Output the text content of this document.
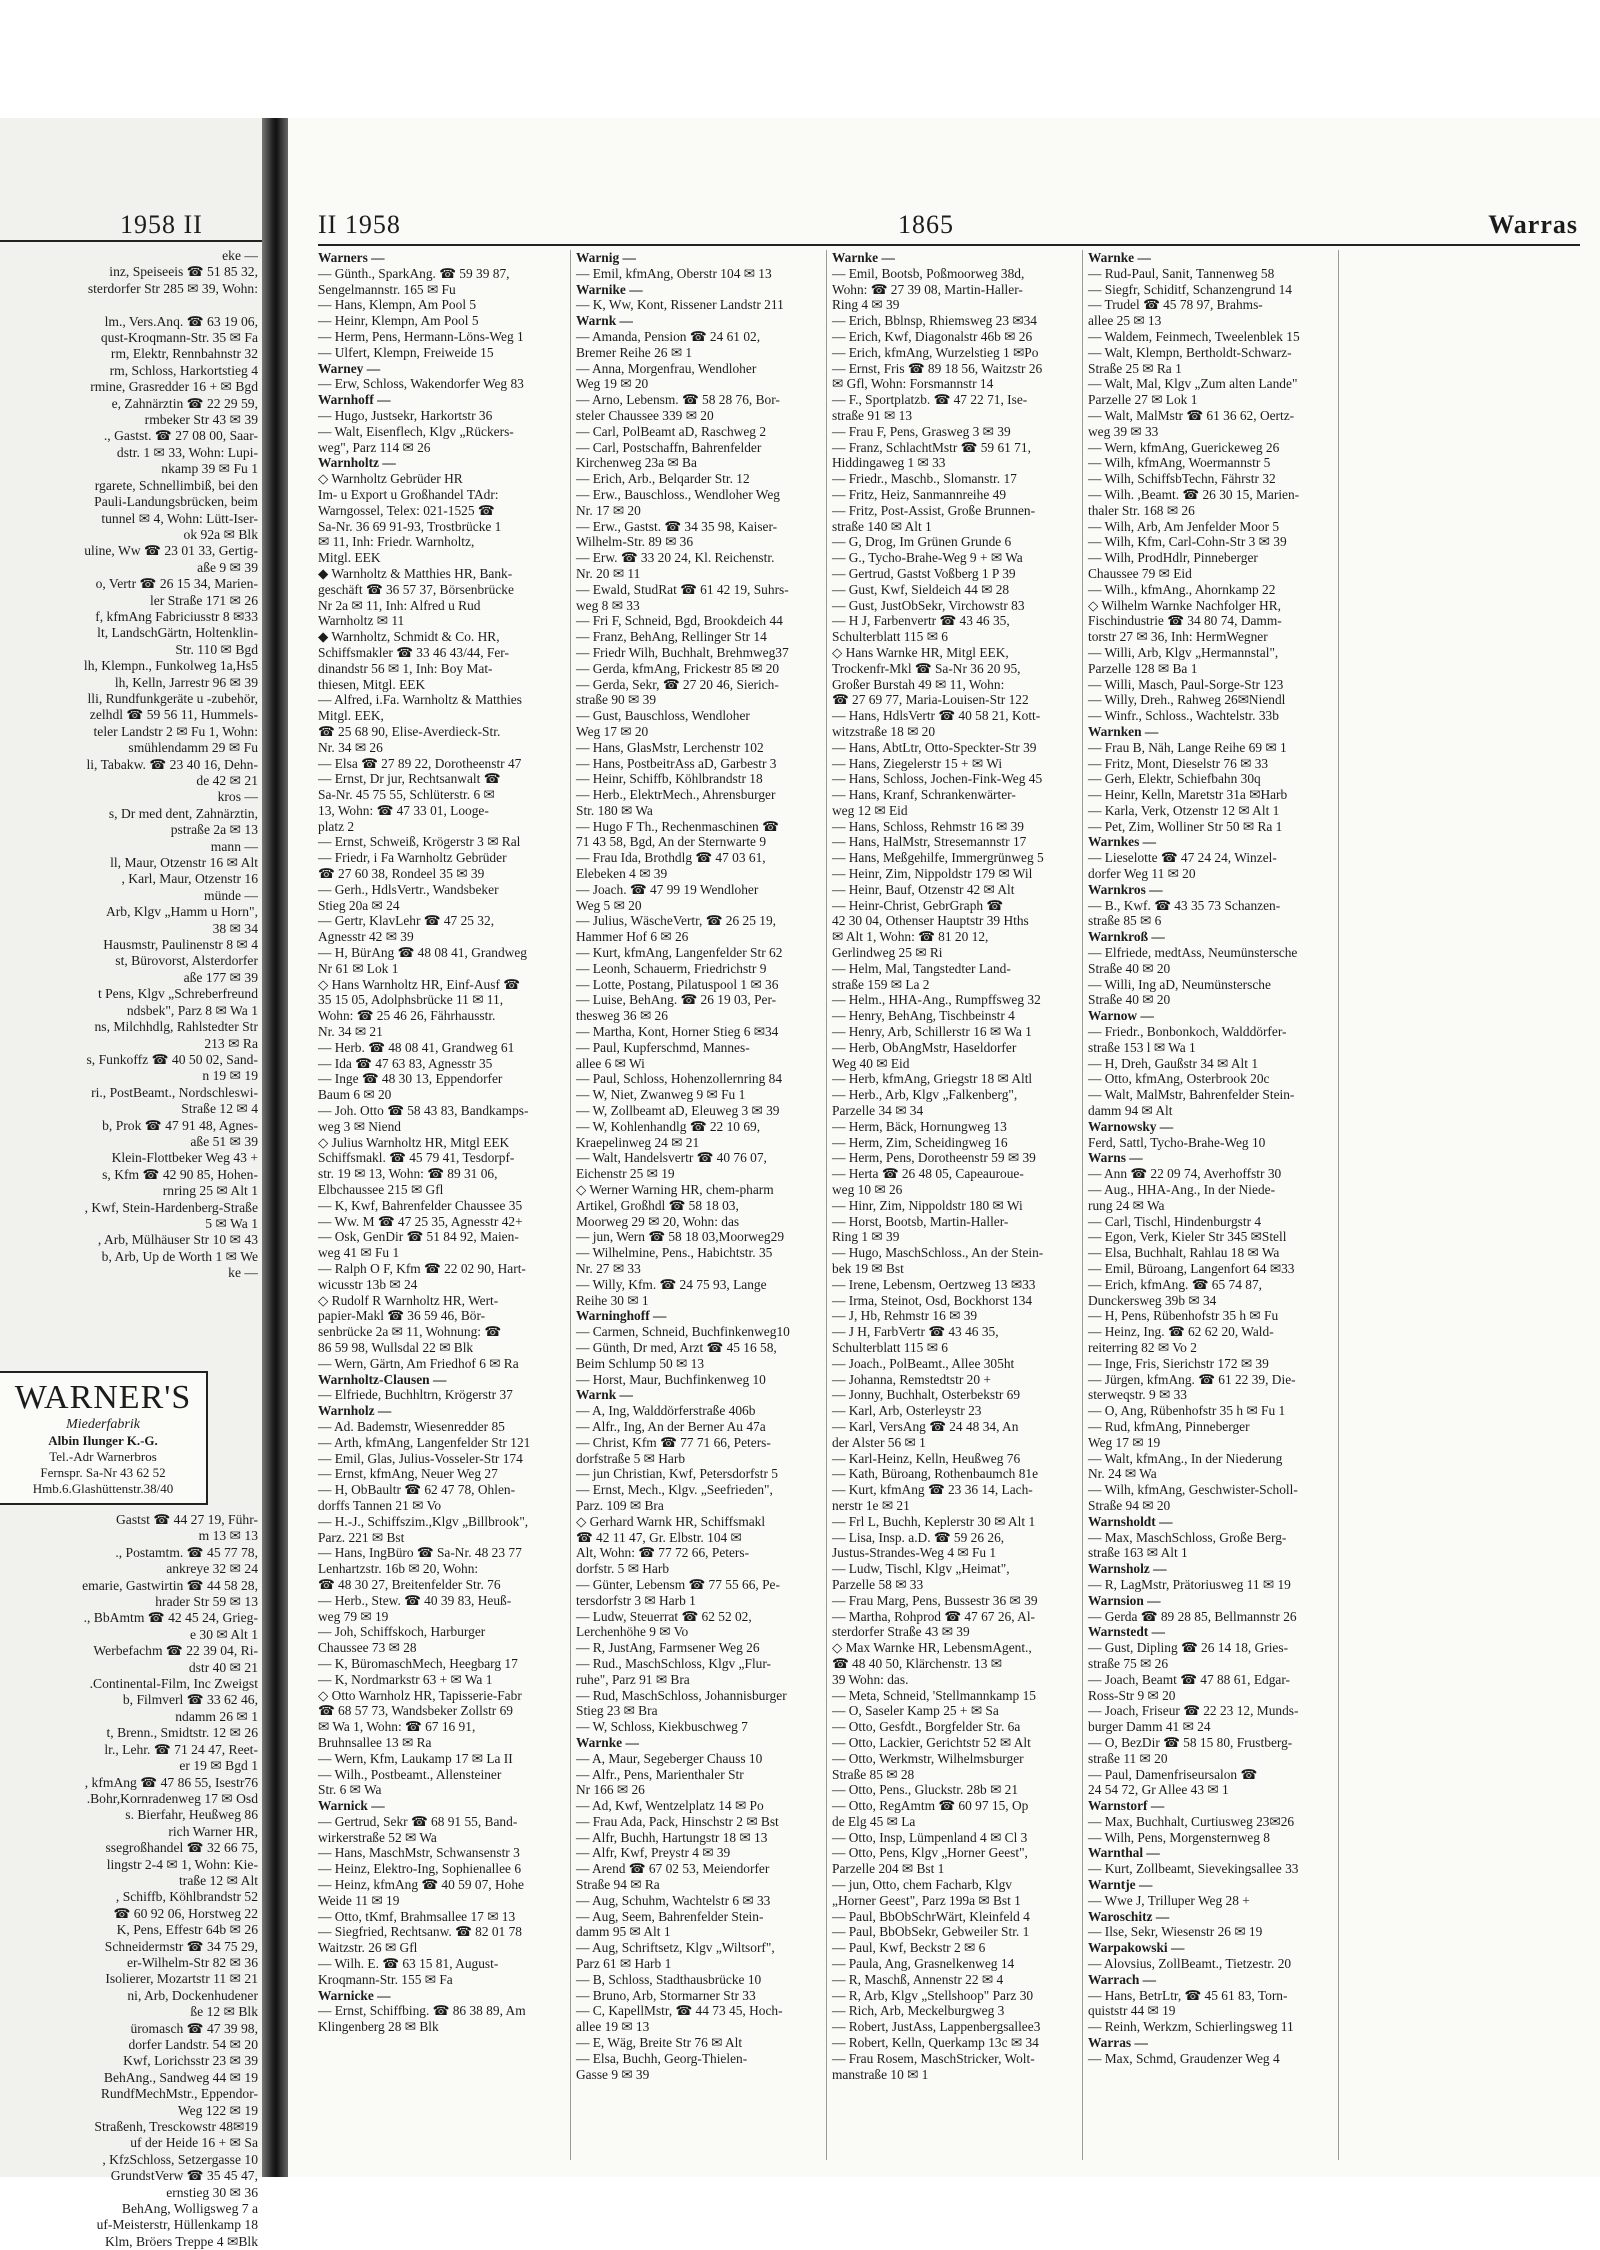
1958 II
eke —
inz, Speiseeis ☎ 51 85 32,
sterdorfer Str 285 ✉ 39, Wohn:

lm., Vers.Anq. ☎ 63 19 06,
qust-Kroqmann-Str. 35 ✉ Fa
rm, Elektr, Rennbahnstr 32
rm, Schloss, Harkortstieg 4
rmine, Grasredder 16 + ✉ Bgd
e, Zahnärztin ☎ 22 29 59,
rmbeker Str 43 ✉ 39
., Gastst. ☎ 27 08 00, Saar-
dstr. 1 ✉ 33, Wohn: Lupi-
nkamp 39 ✉ Fu 1
rgarete, Schnellimbiß, bei den
Pauli-Landungsbrücken, beim
tunnel ✉ 4, Wohn: Lütt-Iser-
ok 92a ✉ Blk
uline, Ww ☎ 23 01 33, Gertig-
aße 9 ✉ 39
o, Vertr ☎ 26 15 34, Marien-
ler Straße 171 ✉ 26
f, kfmAng Fabriciusstr 8 ✉33
lt, LandschGärtn, Holtenklin-
Str. 110 ✉ Bgd
lh, Klempn., Funkolweg 1a,Hs5
lh, Kelln, Jarrestr 96 ✉ 39
lli, Rundfunkgeräte u -zubehör,
zelhdl ☎ 59 56 11, Hummels-
teler Landstr 2 ✉ Fu 1, Wohn:
smühlendamm 29 ✉ Fu
li, Tabakw. ☎ 23 40 16, Dehn-
de 42 ✉ 21
kros —
s, Dr med dent, Zahnärztin,
pstraße 2a ✉ 13
mann —
ll, Maur, Otzenstr 16 ✉ Alt
, Karl, Maur, Otzenstr 16
münde —
Arb, Klgv „Hamm u Horn",
38 ✉ 34
Hausmstr, Paulinenstr 8 ✉ 4
st, Bürovorst, Alsterdorfer
aße 177 ✉ 39
t Pens, Klgv „Schreberfreund
ndsbek", Parz 8 ✉ Wa 1
ns, Milchhdlg, Rahlstedter Str
213 ✉ Ra
s, Funkoffz ☎ 40 50 02, Sand-
n 19 ✉ 19
ri., PostBeamt., Nordschleswi-
Straße 12 ✉ 4
b, Prok ☎ 47 91 48, Agnes-
aße 51 ✉ 39
Klein-Flottbeker Weg 43 +
s, Kfm ☎ 42 90 85, Hohen-
rnring 25 ✉ Alt 1
, Kwf, Stein-Hardenberg-Straße
5 ✉ Wa 1
, Arb, Mülhäuser Str 10 ✉ 43
b, Arb, Up de Worth 1 ✉ We
ke —
WARNER'S
Miederfabrik
Albin Ilunger K.-G.
Tel.-Adr Warnerbros
Fernspr. Sa-Nr 43 62 52
Hmb.6.Glashüttenstr.38/40
Gastst ☎ 44 27 19, Führ-
m 13 ✉ 13
., Postamtm. ☎ 45 77 78,
ankreye 32 ✉ 24
emarie, Gastwirtin ☎ 44 58 28,
hrader Str 59 ✉ 13
., BbAmtm ☎ 42 45 24, Grieg-
e 30 ✉ Alt 1
Werbefachm ☎ 22 39 04, Ri-
dstr 40 ✉ 21
.Continental-Film, Inc Zweigst
b, Filmverl ☎ 33 62 46,
ndamm 26 ✉ 1
t, Brenn., Smidtstr. 12 ✉ 26
lr., Lehr. ☎ 71 24 47, Reet-
er 19 ✉ Bgd 1
, kfmAng ☎ 47 86 55, Isestr76
.Bohr,Kornradenweg 17 ✉ Osd
s. Bierfahr, Heußweg 86
rich Warner HR,
ssegroßhandel ☎ 32 66 75,
lingstr 2-4 ✉ 1, Wohn: Kie-
traße 12 ✉ Alt
, Schiffb, Köhlbrandstr 52
☎ 60 92 06, Horstweg 22
K, Pens, Effestr 64b ✉ 26
Schneidermstr ☎ 34 75 29,
er-Wilhelm-Str 82 ✉ 36
Isolierer, Mozartstr 11 ✉ 21
ni, Arb, Dockenhudener
ße 12 ✉ Blk
üromasch ☎ 47 39 98,
dorfer Landstr. 54 ✉ 20
Kwf, Lorichsstr 23 ✉ 39
BehAng., Sandweg 44 ✉ 19
RundfMechMstr., Eppendor-
Weg 122 ✉ 19
Straßenh, Tresckowstr 48✉19
uf der Heide 16 + ✉ Sa
, KfzSchloss, Setzergasse 10
GrundstVerw ☎ 35 45 47,
ernstieg 30 ✉ 36
BehAng, Wolligsweg 7 a
uf-Meisterstr, Hüllenkamp 18
Klm, Bröers Treppe 4 ✉Blk
II 1958	1865	Warras
Warners —
— Günth., SparkAng. ☎ 59 39 87,
Sengelmannstr. 165 ✉ Fu
— Hans, Klempn, Am Pool 5
— Heinr, Klempn, Am Pool 5
— Herm, Pens, Hermann-Löns-Weg 1
— Ulfert, Klempn, Freiweide 15
Warney —
— Erw, Schloss, Wakendorfer Weg 83
Warnhoff —
— Hugo, Justsekr, Harkortstr 36
— Walt, Eisenflech, Klgv „Rückers-
weg", Parz 114 ✉ 26
Warnholtz —
◇ Warnholtz Gebrüder HR
Im- u Export u Großhandel TAdr:
Warngossel, Telex: 021-1525 ☎
Sa-Nr. 36 69 91-93, Trostbrücke 1
✉ 11, Inh: Friedr. Warnholtz,
Mitgl. EEK
◆ Warnholtz & Matthies HR, Bank-
geschäft ☎ 36 57 37, Börsenbrücke
Nr 2a ✉ 11, Inh: Alfred u Rud
Warnholtz ✉ 11
◆ Warnholtz, Schmidt & Co. HR,
Schiffsmakler ☎ 33 46 43/44, Fer-
dinandstr 56 ✉ 1, Inh: Boy Mat-
thiesen, Mitgl. EEK
— Alfred, i.Fa. Warnholtz & Matthies
Mitgl. EEK,
☎ 25 68 90, Elise-Averdieck-Str.
Nr. 34 ✉ 26
— Elsa ☎ 27 89 22, Dorotheenstr 47
— Ernst, Dr jur, Rechtsanwalt ☎
Sa-Nr. 45 75 55, Schlüterstr. 6 ✉
13, Wohn: ☎ 47 33 01, Looge-
platz 2
— Ernst, Schweiß, Krögerstr 3 ✉ Ral
— Friedr, i Fa Warnholtz Gebrüder
☎ 27 60 38, Rondeel 35 ✉ 39
— Gerh., HdlsVertr., Wandsbeker
Stieg 20a ✉ 24
— Gertr, KlavLehr ☎ 47 25 32,
Agnesstr 42 ✉ 39
— H, BürAng ☎ 48 08 41, Grandweg
Nr 61 ✉ Lok 1
◇ Hans Warnholtz HR, Einf-Ausf ☎
35 15 05, Adolphsbrücke 11 ✉ 11,
Wohn: ☎ 25 46 26, Fährhausstr.
Nr. 34 ✉ 21
— Herb. ☎ 48 08 41, Grandweg 61
— Ida ☎ 47 63 83, Agnesstr 35
— Inge ☎ 48 30 13, Eppendorfer
Baum 6 ✉ 20
— Joh. Otto ☎ 58 43 83, Bandkamps-
weg 3 ✉ Niend
◇ Julius Warnholtz HR, Mitgl EEK
Schiffsmakl. ☎ 45 79 41, Tesdorpf-
str. 19 ✉ 13, Wohn: ☎ 89 31 06,
Elbchaussee 215 ✉ Gfl
— K, Kwf, Bahrenfelder Chaussee 35
— Ww. M ☎ 47 25 35, Agnesstr 42+
— Osk, GenDir ☎ 51 84 92, Maien-
weg 41 ✉ Fu 1
— Ralph O F, Kfm ☎ 22 02 90, Hart-
wicusstr 13b ✉ 24
◇ Rudolf R Warnholtz HR, Wert-
papier-Makl ☎ 36 59 46, Bör-
senbrücke 2a ✉ 11, Wohnung: ☎
86 59 98, Wullsdal 22 ✉ Blk
— Wern, Gärtn, Am Friedhof 6 ✉ Ra
Warnholtz-Clausen —
— Elfriede, Buchhltrn, Krögerstr 37
Warnholz —
— Ad. Bademstr, Wiesenredder 85
— Arth, kfmAng, Langenfelder Str 121
— Emil, Glas, Julius-Vosseler-Str 174
— Ernst, kfmAng, Neuer Weg 27
— H, ObBaultr ☎ 62 47 78, Ohlen-
dorffs Tannen 21 ✉ Vo
— H.-J., Schiffszim.,Klgv „Billbrook",
Parz. 221 ✉ Bst
— Hans, IngBüro ☎ Sa-Nr. 48 23 77
Lenhartzstr. 16b ✉ 20, Wohn:
☎ 48 30 27, Breitenfelder Str. 76
— Herb., Stew. ☎ 40 39 83, Heuß-
weg 79 ✉ 19
— Joh, Schiffskoch, Harburger
Chaussee 73 ✉ 28
— K, BüromaschMech, Heegbarg 17
— K, Nordmarkstr 63 + ✉ Wa 1
◇ Otto Warnholz HR, Tapisserie-Fabr
☎ 68 57 73, Wandsbeker Zollstr 69
✉ Wa 1, Wohn: ☎ 67 16 91,
Bruhnsallee 13 ✉ Ra
— Wern, Kfm, Laukamp 17 ✉ La II
— Wilh., Postbeamt., Allensteiner
Str. 6 ✉ Wa
Warnick —
— Gertrud, Sekr ☎ 68 91 55, Band-
wirkerstraße 52 ✉ Wa
— Hans, MaschMstr, Schwansenstr 3
— Heinz, Elektro-Ing, Sophienallee 6
— Heinz, kfmAng ☎ 40 59 07, Hohe
Weide 11 ✉ 19
— Otto, tKmf, Brahmsallee 17 ✉ 13
— Siegfried, Rechtsanw. ☎ 82 01 78
Waitzstr. 26 ✉ Gfl
— Wilh. E. ☎ 63 15 81, August-
Kroqmann-Str. 155 ✉ Fa
Warnicke —
— Ernst, Schiffbing. ☎ 86 38 89, Am
Klingenberg 28 ✉ Blk
Warnig —
— Emil, kfmAng, Oberstr 104 ✉ 13
Warnike —
— K, Ww, Kont, Rissener Landstr 211
Warnk —
— Amanda, Pension ☎ 24 61 02,
Bremer Reihe 26 ✉ 1
— Anna, Morgenfrau, Wendloher
Weg 19 ✉ 20
— Arno, Lebensm. ☎ 58 28 76, Bor-
steler Chaussee 339 ✉ 20
— Carl, PolBeamt aD, Raschweg 2
— Carl, Postschaffn, Bahrenfelder
Kirchenweg 23a ✉ Ba
— Erich, Arb., Belqarder Str. 12
— Erw., Bauschloss., Wendloher Weg
Nr. 17 ✉ 20
— Erw., Gastst. ☎ 34 35 98, Kaiser-
Wilhelm-Str. 89 ✉ 36
— Erw. ☎ 33 20 24, Kl. Reichenstr.
Nr. 20 ✉ 11
— Ewald, StudRat ☎ 61 42 19, Suhrs-
weg 8 ✉ 33
— Fri F, Schneid, Bgd, Brookdeich 44
— Franz, BehAng, Rellinger Str 14
— Friedr Wilh, Buchhalt, Brehmweg37
— Gerda, kfmAng, Frickestr 85 ✉ 20
— Gerda, Sekr, ☎ 27 20 46, Sierich-
straße 90 ✉ 39
— Gust, Bauschloss, Wendloher
Weg 17 ✉ 20
— Hans, GlasMstr, Lerchenstr 102
— Hans, PostbeitrAss aD, Garbestr 3
— Heinr, Schiffb, Köhlbrandstr 18
— Herb., ElektrMech., Ahrensburger
Str. 180 ✉ Wa
— Hugo F Th., Rechenmaschinen ☎
71 43 58, Bgd, An der Sternwarte 9
— Frau Ida, Brothdlg ☎ 47 03 61,
Elebeken 4 ✉ 39
— Joach. ☎ 47 99 19 Wendloher
Weg 5 ✉ 20
— Julius, WäscheVertr, ☎ 26 25 19,
Hammer Hof 6 ✉ 26
— Kurt, kfmAng, Langenfelder Str 62
— Leonh, Schauerm, Friedrichstr 9
— Lotte, Postang, Pilatuspool 1 ✉ 36
— Luise, BehAng. ☎ 26 19 03, Per-
thesweg 36 ✉ 26
— Martha, Kont, Horner Stieg 6 ✉34
— Paul, Kupferschmd, Mannes-
allee 6 ✉ Wi
— Paul, Schloss, Hohenzollernring 84
— W, Niet, Zwanweg 9 ✉ Fu 1
— W, Zollbeamt aD, Eleuweg 3 ✉ 39
— W, Kohlenhandlg ☎ 22 10 69,
Kraepelinweg 24 ✉ 21
— Walt, Handelsvertr ☎ 40 76 07,
Eichenstr 25 ✉ 19
◇ Werner Warning HR, chem-pharm
Artikel, Großhdl ☎ 58 18 03,
Moorweg 29 ✉ 20, Wohn: das
— jun, Wern ☎ 58 18 03,Moorweg29
— Wilhelmine, Pens., Habichtstr. 35
Nr. 27 ✉ 33
— Willy, Kfm. ☎ 24 75 93, Lange
Reihe 30 ✉ 1
Warninghoff —
— Carmen, Schneid, Buchfinkenweg10
— Günth, Dr med, Arzt ☎ 45 16 58,
Beim Schlump 50 ✉ 13
— Horst, Maur, Buchfinkenweg 10
Warnk —
— A, Ing, Walddörferstraße 406b
— Alfr., Ing, An der Berner Au 47a
— Christ, Kfm ☎ 77 71 66, Peters-
dorfstraße 5 ✉ Harb
— jun Christian, Kwf, Petersdorfstr 5
— Ernst, Mech., Klgv. „Seefrieden",
Parz. 109 ✉ Bra
◇ Gerhard Warnk HR, Schiffsmakl
☎ 42 11 47, Gr. Elbstr. 104 ✉
Alt, Wohn: ☎ 77 72 66, Peters-
dorfstr. 5 ✉ Harb
— Günter, Lebensm ☎ 77 55 66, Pe-
tersdorfstr 3 ✉ Harb 1
— Ludw, Steuerrat ☎ 62 52 02,
Lerchenhöhe 9 ✉ Vo
— R, JustAng, Farmsener Weg 26
— Rud., MaschSchloss, Klgv „Flur-
ruhe", Parz 91 ✉ Bra
— Rud, MaschSchloss, Johannisburger
Stieg 23 ✉ Bra
— W, Schloss, Kiekbuschweg 7
Warnke —
— A, Maur, Segeberger Chauss 10
— Alfr., Pens, Marienthaler Str
Nr 166 ✉ 26
— Ad, Kwf, Wentzelplatz 14 ✉ Po
— Frau Ada, Pack, Hinschstr 2 ✉ Bst
— Alfr, Buchh, Hartungstr 18 ✉ 13
— Alfr, Kwf, Preystr 4 ✉ 39
— Arend ☎ 67 02 53, Meiendorfer
Straße 94 ✉ Ra
— Aug, Schuhm, Wachtelstr 6 ✉ 33
— Aug, Seem, Bahrenfelder Stein-
damm 95 ✉ Alt 1
— Aug, Schriftsetz, Klgv „Wiltsorf",
Parz 61 ✉ Harb 1
— B, Schloss, Stadthausbrücke 10
— Bruno, Arb, Stormarner Str 33
— C, KapellMstr, ☎ 44 73 45, Hoch-
allee 19 ✉ 13
— E, Wäg, Breite Str 76 ✉ Alt
— Elsa, Buchh, Georg-Thielen-
Gasse 9 ✉ 39
Warnke —
— Emil, Bootsb, Poßmoorweg 38d,
Wohn: ☎ 27 39 08, Martin-Haller-
Ring 4 ✉ 39
— Erich, Bblnsp, Rhiemsweg 23 ✉34
— Erich, Kwf, Diagonalstr 46b ✉ 26
— Erich, kfmAng, Wurzelstieg 1 ✉Po
— Ernst, Fris ☎ 89 18 56, Waitzstr 26
✉ Gfl, Wohn: Forsmannstr 14
— F., Sportplatzb. ☎ 47 22 71, Ise-
straße 91 ✉ 13
— Frau F, Pens, Grasweg 3 ✉ 39
— Franz, SchlachtMstr ☎ 59 61 71,
Hiddingaweg 1 ✉ 33
— Friedr., Maschb., Slomanstr. 17
— Fritz, Heiz, Sanmannreihe 49
— Fritz, Post-Assist, Große Brunnen-
straße 140 ✉ Alt 1
— G, Drog, Im Grünen Grunde 6
— G., Tycho-Brahe-Weg 9 + ✉ Wa
— Gertrud, Gastst Voßberg 1 P 39
— Gust, Kwf, Sieldeich 44 ✉ 28
— Gust, JustObSekr, Virchowstr 83
— H J, Farbenvertr ☎ 43 46 35,
Schulterblatt 115 ✉ 6
◇ Hans Warnke HR, Mitgl EEK,
Trockenfr-Mkl ☎ Sa-Nr 36 20 95,
Großer Burstah 49 ✉ 11, Wohn:
☎ 27 69 77, Maria-Louisen-Str 122
— Hans, HdlsVertr ☎ 40 58 21, Kott-
witzstraße 18 ✉ 20
— Hans, AbtLtr, Otto-Speckter-Str 39
— Hans, Ziegelerstr 15 + ✉ Wi
— Hans, Schloss, Jochen-Fink-Weg 45
— Hans, Kranf, Schrankenwärter-
weg 12 ✉ Eid
— Hans, Schloss, Rehmstr 16 ✉ 39
— Hans, HalMstr, Stresemannstr 17
— Hans, Meßgehilfe, Immergrünweg 5
— Heinr, Zim, Nippoldstr 179 ✉ Wil
— Heinr, Bauf, Otzenstr 42 ✉ Alt
— Heinr-Christ, GebrGraph ☎
42 30 04, Othenser Hauptstr 39 Hths
✉ Alt 1, Wohn: ☎ 81 20 12,
Gerlindweg 25 ✉ Ri
— Helm, Mal, Tangstedter Land-
straße 159 ✉ La 2
— Helm., HHA-Ang., Rumpffsweg 32
— Henry, BehAng, Tischbeinstr 4
— Henry, Arb, Schillerstr 16 ✉ Wa 1
— Herb, ObAngMstr, Haseldorfer
Weg 40 ✉ Eid
— Herb, kfmAng, Griegstr 18 ✉ Altl
— Herb., Arb, Klgv „Falkenberg",
Parzelle 34 ✉ 34
— Herm, Bäck, Hornungweg 13
— Herm, Zim, Scheidingweg 16
— Herm, Pens, Dorotheenstr 59 ✉ 39
— Herta ☎ 26 48 05, Capeauroue-
weg 10 ✉ 26
— Hinr, Zim, Nippoldstr 180 ✉ Wi
— Horst, Bootsb, Martin-Haller-
Ring 1 ✉ 39
— Hugo, MaschSchloss., An der Stein-
bek 19 ✉ Bst
— Irene, Lebensm, Oertzweg 13 ✉33
— Irma, Steinot, Osd, Bockhorst 134
— J, Hb, Rehmstr 16 ✉ 39
— J H, FarbVertr ☎ 43 46 35,
Schulterblatt 115 ✉ 6
— Joach., PolBeamt., Allee 305ht
— Johanna, Remstedtstr 20 +
— Jonny, Buchhalt, Osterbekstr 69
— Karl, Arb, Osterleystr 23
— Karl, VersAng ☎ 24 48 34, An
der Alster 56 ✉ 1
— Karl-Heinz, Kelln, Heußweg 76
— Kath, Büroang, Rothenbaumch 81e
— Kurt, kfmAng ☎ 23 36 14, Lach-
nerstr 1e ✉ 21
— Frl L, Buchh, Keplerstr 30 ✉ Alt 1
— Lisa, Insp. a.D. ☎ 59 26 26,
Justus-Strandes-Weg 4 ✉ Fu 1
— Ludw, Tischl, Klgv „Heimat",
Parzelle 58 ✉ 33
— Frau Marg, Pens, Bussestr 36 ✉ 39
— Martha, Rohprod ☎ 47 67 26, Al-
sterdorfer Straße 43 ✉ 39
◇ Max Warnke HR, LebensmAgent.,
☎ 48 40 50, Klärchenstr. 13 ✉
39 Wohn: das.
— Meta, Schneid, 'Stellmannkamp 15
— O, Saseler Kamp 25 + ✉ Sa
— Otto, Gesfdt., Borgfelder Str. 6a
— Otto, Lackier, Gerichtstr 52 ✉ Alt
— Otto, Werkmstr, Wilhelmsburger
Straße 85 ✉ 28
— Otto, Pens., Gluckstr. 28b ✉ 21
— Otto, RegAmtm ☎ 60 97 15, Op
de Elg 45 ✉ La
— Otto, Insp, Lümpenland 4 ✉ Cl 3
— Otto, Pens, Klgv „Horner Geest",
Parzelle 204 ✉ Bst 1
— jun, Otto, chem Facharb, Klgv
„Horner Geest", Parz 199a ✉ Bst 1
— Paul, BbObSchrWärt, Kleinfeld 4
— Paul, BbObSekr, Gebweiler Str. 1
— Paul, Kwf, Beckstr 2 ✉ 6
— Paula, Ang, Grasnelkenweg 14
— R, Maschß, Annenstr 22 ✉ 4
— R, Arb, Klgv „Stellshoop" Parz 30
— Rich, Arb, Meckelburgweg 3
— Robert, JustAss, Lappenbergsallee3
— Robert, Kelln, Querkamp 13c ✉ 34
— Frau Rosem, MaschStricker, Wolt-
manstraße 10 ✉ 1
Warnke —
— Rud-Paul, Sanit, Tannenweg 58
— Siegfr, Schiditf, Schanzengrund 14
— Trudel ☎ 45 78 97, Brahms-
allee 25 ✉ 13
— Waldem, Feinmech, Tweelenblek 15
— Walt, Klempn, Bertholdt-Schwarz-
Straße 25 ✉ Ra 1
— Walt, Mal, Klgv „Zum alten Lande"
Parzelle 27 ✉ Lok 1
— Walt, MalMstr ☎ 61 36 62, Oertz-
weg 39 ✉ 33
— Wern, kfmAng, Guerickeweg 26
— Wilh, kfmAng, Woermannstr 5
— Wilh, SchiffsbTechn, Fährstr 32
— Wilh. ,Beamt. ☎ 26 30 15, Marien-
thaler Str. 168 ✉ 26
— Wilh, Arb, Am Jenfelder Moor 5
— Wilh, Kfm, Carl-Cohn-Str 3 ✉ 39
— Wilh, ProdHdlr, Pinneberger
Chaussee 79 ✉ Eid
— Wilh., kfmAng., Ahornkamp 22
◇ Wilhelm Warnke Nachfolger HR,
Fischindustrie ☎ 34 80 74, Damm-
torstr 27 ✉ 36, Inh: HermWegner
— Willi, Arb, Klgv „Hermannstal",
Parzelle 128 ✉ Ba 1
— Willi, Masch, Paul-Sorge-Str 123
— Willy, Dreh., Rahweg 26✉Niendl
— Winfr., Schloss., Wachtelstr. 33b
Warnken —
— Frau B, Näh, Lange Reihe 69 ✉ 1
— Fritz, Mont, Dieselstr 76 ✉ 33
— Gerh, Elektr, Schiefbahn 30q
— Heinr, Kelln, Maretstr 31a ✉Harb
— Karla, Verk, Otzenstr 12 ✉ Alt 1
— Pet, Zim, Wolliner Str 50 ✉ Ra 1
Warnkes —
— Lieselotte ☎ 47 24 24, Winzel-
dorfer Weg 11 ✉ 20
Warnkros —
— B., Kwf. ☎ 43 35 73 Schanzen-
straße 85 ✉ 6
Warnkroß —
— Elfriede, medtAss, Neumünstersche
Straße 40 ✉ 20
— Willi, Ing aD, Neumünstersche
Straße 40 ✉ 20
Warnow —
— Friedr., Bonbonkoch, Walddörfer-
straße 153 l ✉ Wa 1
— H, Dreh, Gaußstr 34 ✉ Alt 1
— Otto, kfmAng, Osterbrook 20c
— Walt, MalMstr, Bahrenfelder Stein-
damm 94 ✉ Alt
Warnowsky —
Ferd, Sattl, Tycho-Brahe-Weg 10
Warns —
— Ann ☎ 22 09 74, Averhoffstr 30
— Aug., HHA-Ang., In der Niede-
rung 24 ✉ Wa
— Carl, Tischl, Hindenburgstr 4
— Egon, Verk, Kieler Str 345 ✉Stell
— Elsa, Buchhalt, Rahlau 18 ✉ Wa
— Emil, Büroang, Langenfort 64 ✉33
— Erich, kfmAng. ☎ 65 74 87,
Dunckersweg 39b ✉ 34
— H, Pens, Rübenhofstr 35 h ✉ Fu
— Heinz, Ing. ☎ 62 62 20, Wald-
reiterring 82 ✉ Vo 2
— Inge, Fris, Sierichstr 172 ✉ 39
— Jürgen, kfmAng. ☎ 61 22 39, Die-
sterweqstr. 9 ✉ 33
— O, Ang, Rübenhofstr 35 h ✉ Fu 1
— Rud, kfmAng, Pinneberger
Weg 17 ✉ 19
— Walt, kfmAng., In der Niederung
Nr. 24 ✉ Wa
— Wilh, kfmAng, Geschwister-Scholl-
Straße 94 ✉ 20
Warnsholdt —
— Max, MaschSchloss, Große Berg-
straße 163 ✉ Alt 1
Warnsholz —
— R, LagMstr, Prätoriusweg 11 ✉ 19
Warnsion —
— Gerda ☎ 89 28 85, Bellmannstr 26
Warnstedt —
— Gust, Dipling ☎ 26 14 18, Gries-
straße 75 ✉ 26
— Joach, Beamt ☎ 47 88 61, Edgar-
Ross-Str 9 ✉ 20
— Joach, Friseur ☎ 22 23 12, Munds-
burger Damm 41 ✉ 24
— O, BezDir ☎ 58 15 80, Frustberg-
straße 11 ✉ 20
— Paul, Damenfriseursalon ☎
24 54 72, Gr Allee 43 ✉ 1
Warnstorf —
— Max, Buchhalt, Curtiusweg 23✉26
— Wilh, Pens, Morgensternweg 8
Warnthal —
— Kurt, Zollbeamt, Sievekingsallee 33
Warntje —
— Wwe J, Trilluper Weg 28 +
Waroschitz —
— Ilse, Sekr, Wiesenstr 26 ✉ 19
Warpakowski —
— Alovsius, ZollBeamt., Tietzestr. 20
Warrach —
— Hans, BetrLtr, ☎ 45 61 83, Torn-
quiststr 44 ✉ 19
— Reinh, Werkzm, Schierlingsweg 11
Warras —
— Max, Schmd, Graudenzer Weg 4
